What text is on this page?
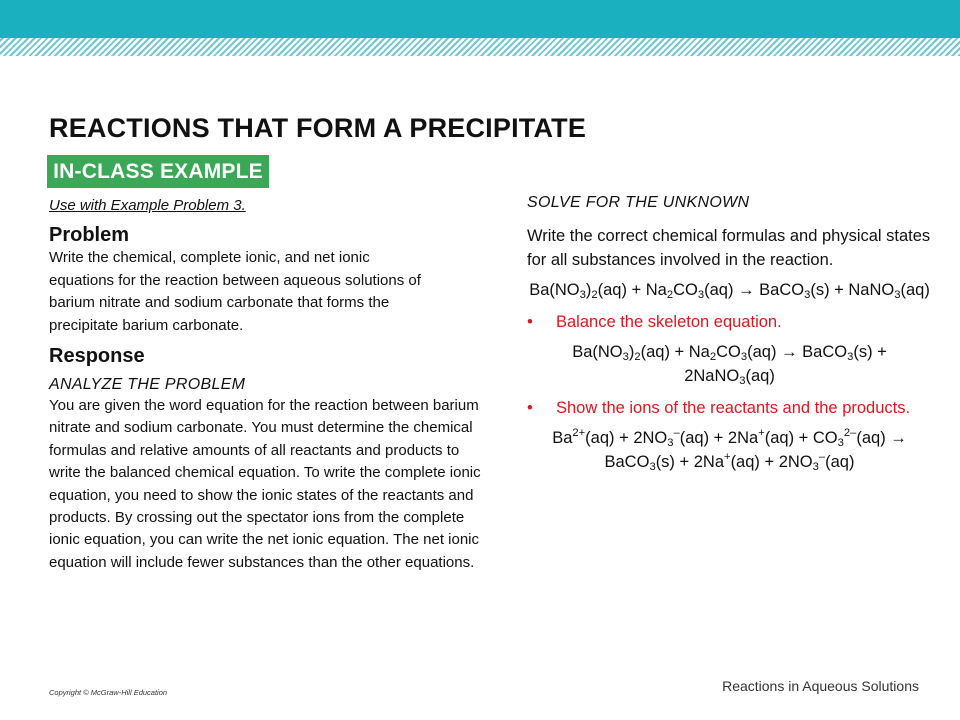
REACTIONS THAT FORM A PRECIPITATE
IN-CLASS EXAMPLE
Use with Example Problem 3.
Problem
Write the chemical, complete ionic, and net ionic equations for the reaction between aqueous solutions of barium nitrate and sodium carbonate that forms the precipitate barium carbonate.
Response
ANALYZE THE PROBLEM
You are given the word equation for the reaction between barium nitrate and sodium carbonate. You must determine the chemical formulas and relative amounts of all reactants and products to write the balanced chemical equation. To write the complete ionic equation, you need to show the ionic states of the reactants and products. By crossing out the spectator ions from the complete ionic equation, you can write the net ionic equation. The net ionic equation will include fewer substances than the other equations.
SOLVE FOR THE UNKNOWN
Write the correct chemical formulas and physical states for all substances involved in the reaction.
$Ba(NO_3)_2(aq) + Na_2CO_3(aq)$ → BaCO$_3$(s) + NaNO$_3$(aq)
• Balance the skeleton equation.
$Ba(NO_3)_2(aq) + Na_2CO_3(aq)$ → BaCO$_3$(s) + 2NaNO$_3$(aq)
• Show the ions of the reactants and the products.
$Ba^{2+}(aq) + 2NO_3^-(aq) + 2Na^+(aq) + CO_3^{2-}(aq)$ → BaCO$_3$(s) + $2Na^+(aq) + 2NO_3^-(aq)$
Copyright © McGraw-Hill Education	Reactions in Aqueous Solutions
